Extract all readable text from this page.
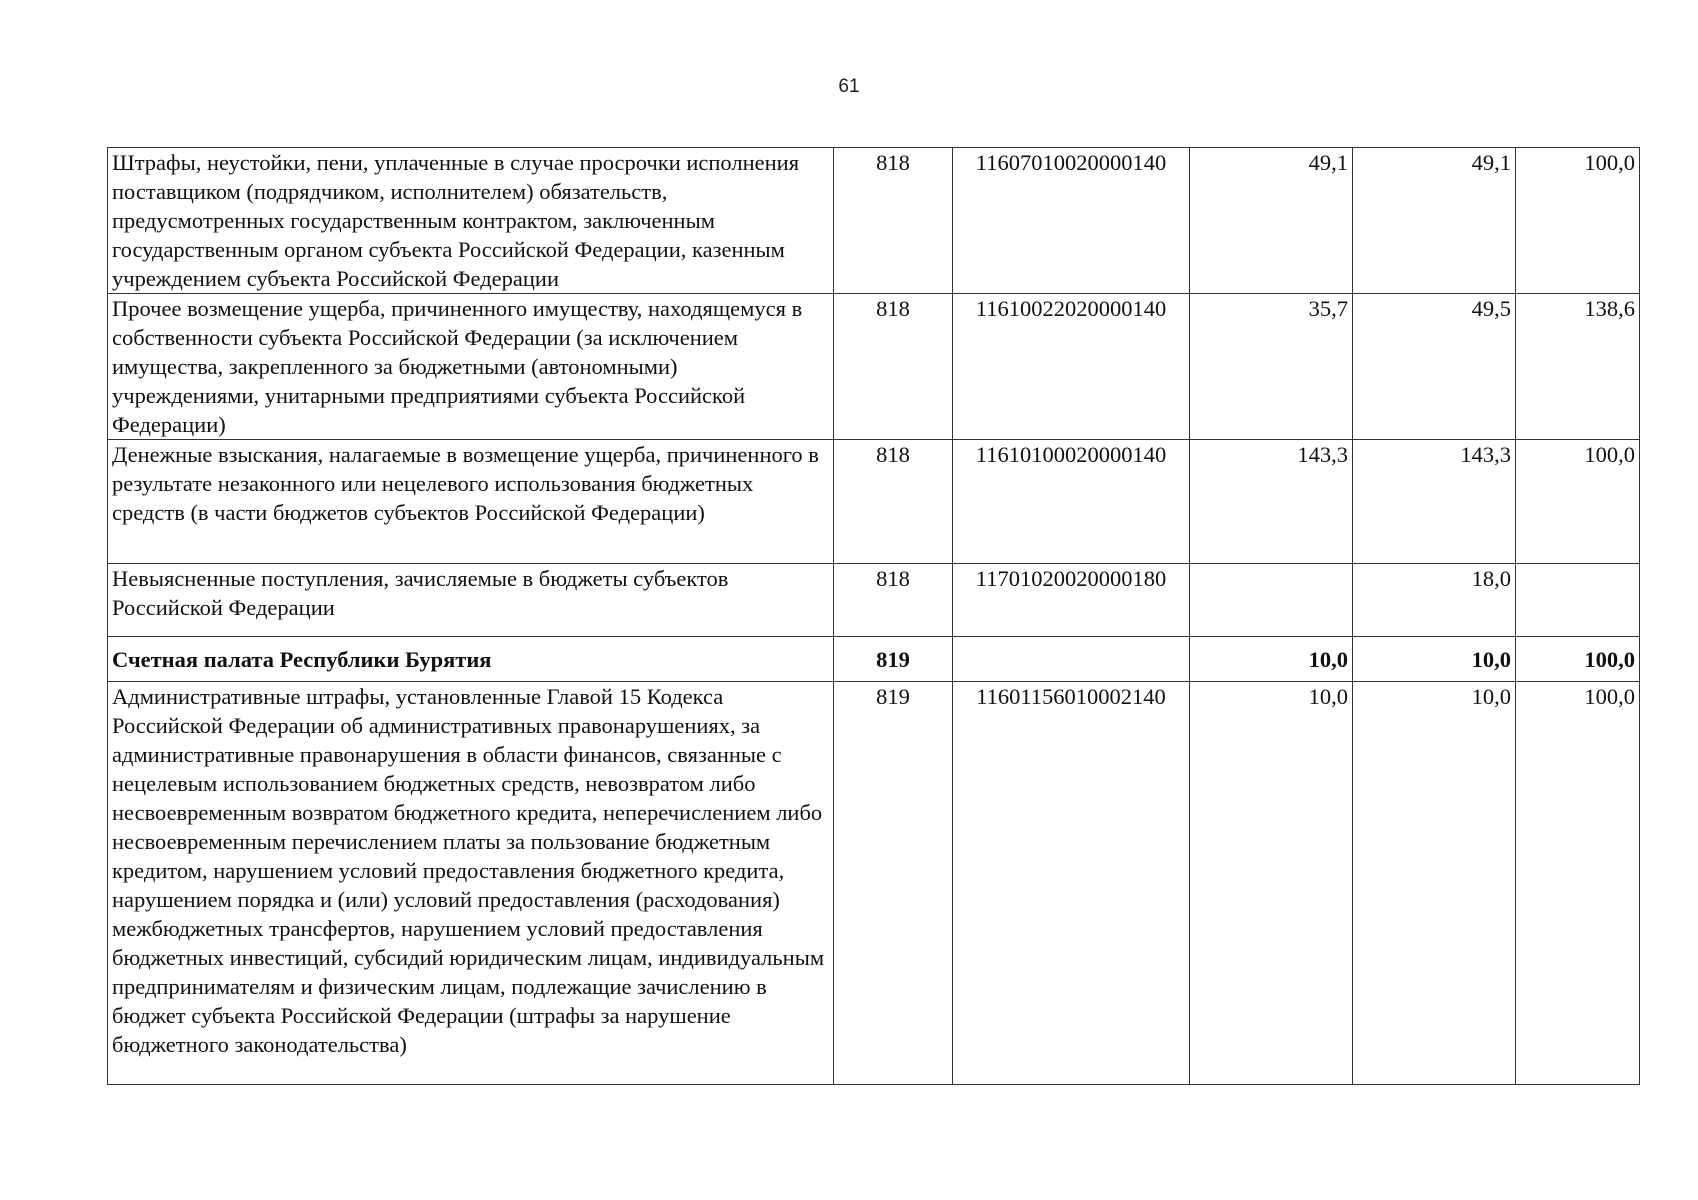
61
Штрафы, неустойки, пени, уплаченные в случае просрочки исполнения поставщиком (подрядчиком, исполнителем) обязательств, предусмотренных государственным контрактом, заключенным государственным органом субъекта Российской Федерации, казенным учреждением субъекта Российской Федерации	818	11607010020000140	49,1	49,1	100,0
Прочее возмещение ущерба, причиненного имуществу, находящемуся в собственности субъекта Российской Федерации (за исключением имущества, закрепленного за бюджетными (автономными) учреждениями, унитарными предприятиями субъекта Российской Федерации)	818	11610022020000140	35,7	49,5	138,6
Денежные взыскания, налагаемые в возмещение ущерба, причиненного в результате незаконного или нецелевого использования бюджетных средств (в части бюджетов субъектов Российской Федерации)	818	11610100020000140	143,3	143,3	100,0
Невыясненные поступления, зачисляемые в бюджеты субъектов Российской Федерации	818	11701020020000180		18,0	
Счетная палата Республики Бурятия	819		10,0	10,0	100,0
Административные штрафы, установленные Главой 15 Кодекса Российской Федерации об административных правонарушениях, за административные правонарушения в области финансов, связанные с нецелевым использованием бюджетных средств, невозвратом либо несвоевременным возвратом бюджетного кредита, неперечислением либо несвоевременным перечислением платы за пользование бюджетным кредитом, нарушением условий предоставления бюджетного кредита, нарушением порядка и (или) условий предоставления (расходования) межбюджетных трансфертов, нарушением условий предоставления бюджетных инвестиций, субсидий юридическим лицам, индивидуальным предпринимателям и физическим лицам, подлежащие зачислению в бюджет субъекта Российской Федерации (штрафы за нарушение бюджетного законодательства)	819	11601156010002140	10,0	10,0	100,0
